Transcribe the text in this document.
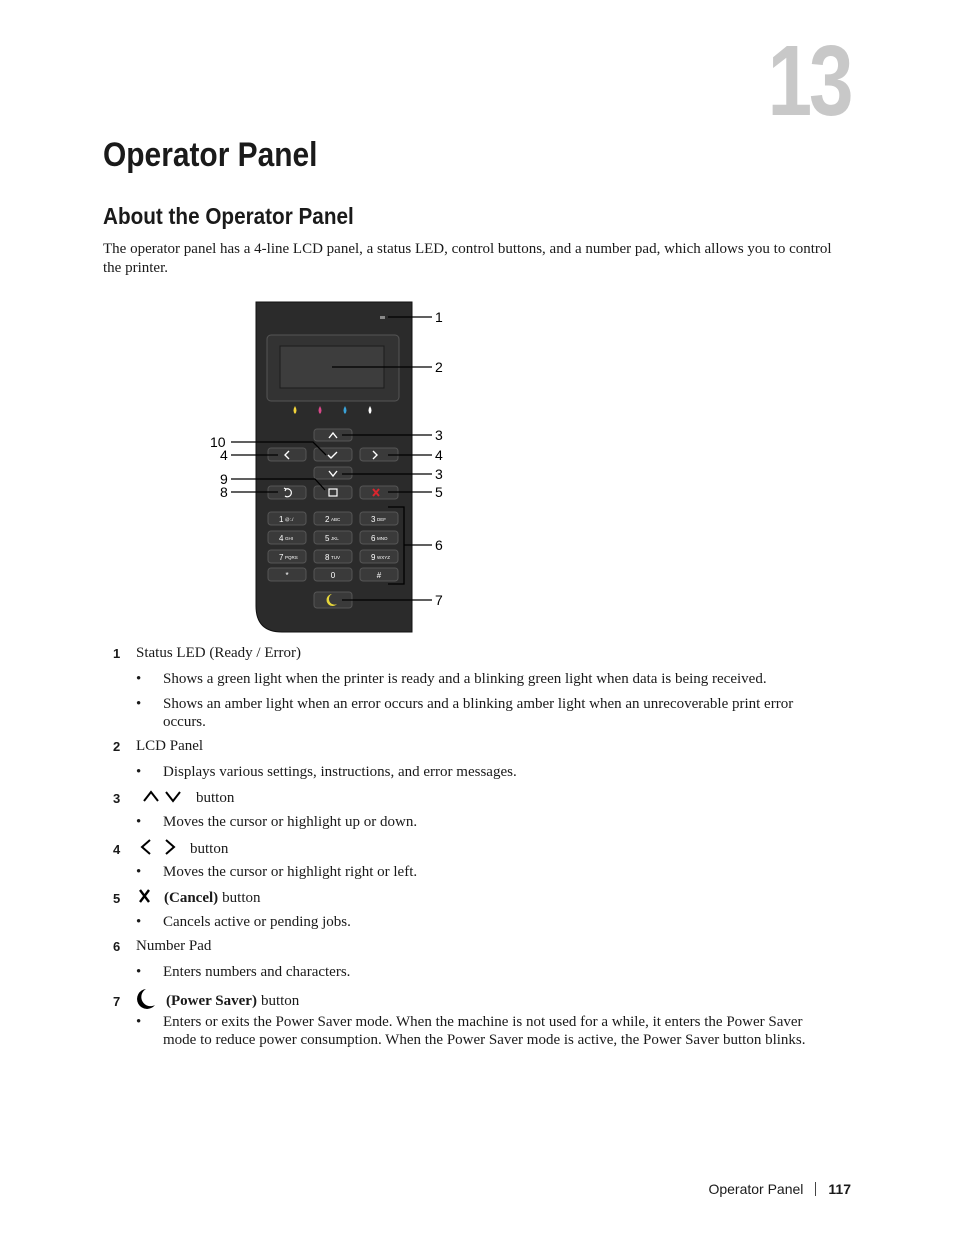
13
Operator Panel
About the Operator Panel

The operator panel has a 4-line LCD panel, a status LED, control buttons, and a number pad, which allows you to control the printer.

1 @:./	2 ABC	3 DEF
4 GHI	5 JKL	6 MNO
7 PQRS	8 TUV	9 WXYZ
*	0	#
1
2
3
4
3
5
6
7
10
4
9
8
1	Status LED (Ready / Error)
•	Shows a green light when the printer is ready and a blinking green light when data is being received.
•	Shows an amber light when an error occurs and a blinking amber light when an unrecoverable print error occurs.
2	LCD Panel
•	Displays various settings, instructions, and error messages.
3	button
•	Moves the cursor or highlight up or down.
4	button
•	Moves the cursor or highlight right or left.
5	(Cancel) button
•	Cancels active or pending jobs.
6	Number Pad
•	Enters numbers and characters.
7	(Power Saver) button
•	Enters or exits the Power Saver mode. When the machine is not used for a while, it enters the Power Saver mode to reduce power consumption. When the Power Saver mode is active, the Power Saver button blinks.
Operator Panel 117
